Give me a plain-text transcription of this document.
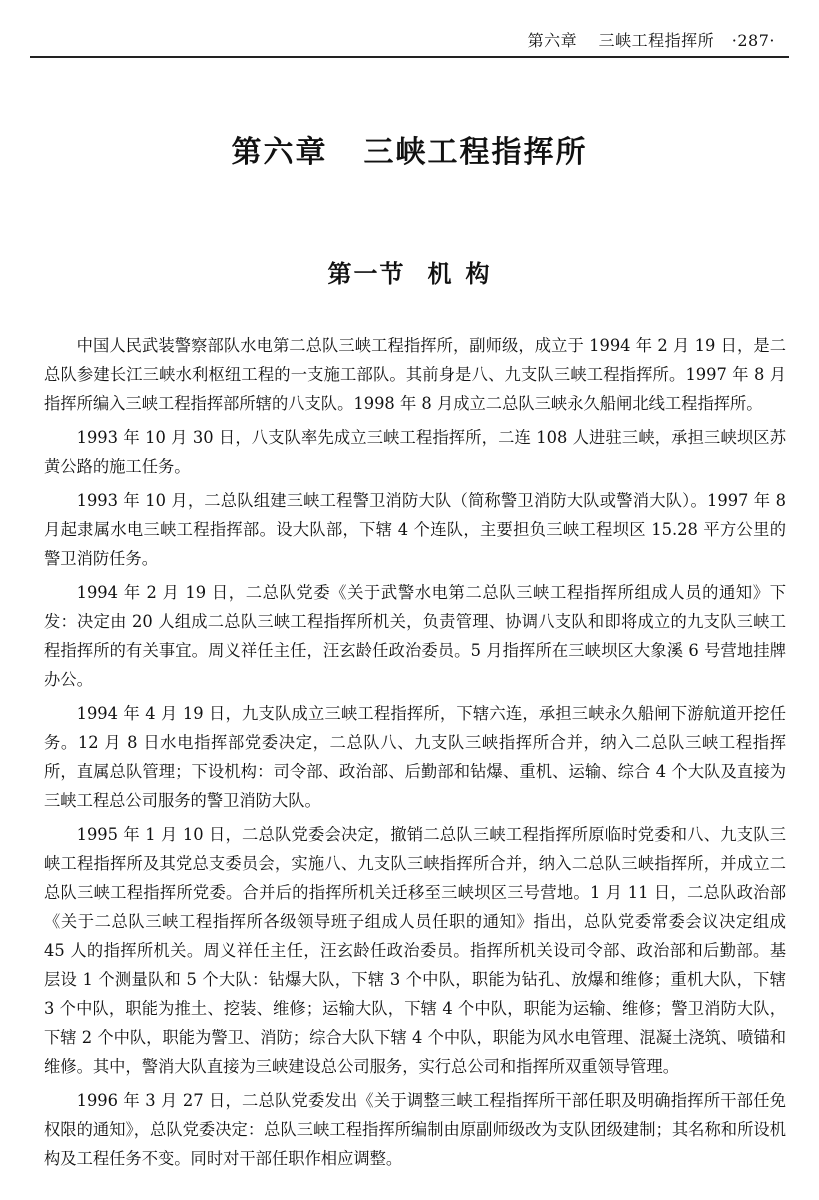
第六章 三峡工程指挥所 ·287·
第六章 三峡工程指挥所
第一节 机 构

中国人民武装警察部队水电第二总队三峡工程指挥所，副师级，成立于 1994 年 2 月 19 日，是二总队参建长江三峡水利枢纽工程的一支施工部队。其前身是八、九支队三峡工程指挥所。1997 年 8 月指挥所编入三峡工程指挥部所辖的八支队。1998 年 8 月成立二总队三峡永久船闸北线工程指挥所。

1993 年 10 月 30 日，八支队率先成立三峡工程指挥所，二连 108 人进驻三峡，承担三峡坝区苏黄公路的施工任务。

1993 年 10 月，二总队组建三峡工程警卫消防大队（简称警卫消防大队或警消大队）。1997 年 8 月起隶属水电三峡工程指挥部。设大队部，下辖 4 个连队，主要担负三峡工程坝区 15.28 平方公里的警卫消防任务。

1994 年 2 月 19 日，二总队党委《关于武警水电第二总队三峡工程指挥所组成人员的通知》下发：决定由 20 人组成二总队三峡工程指挥所机关，负责管理、协调八支队和即将成立的九支队三峡工程指挥所的有关事宜。周义祥任主任，汪玄龄任政治委员。5 月指挥所在三峡坝区大象溪 6 号营地挂牌办公。

1994 年 4 月 19 日，九支队成立三峡工程指挥所，下辖六连，承担三峡永久船闸下游航道开挖任务。12 月 8 日水电指挥部党委决定，二总队八、九支队三峡指挥所合并，纳入二总队三峡工程指挥所，直属总队管理；下设机构：司令部、政治部、后勤部和钻爆、重机、运输、综合 4 个大队及直接为三峡工程总公司服务的警卫消防大队。

1995 年 1 月 10 日，二总队党委会决定，撤销二总队三峡工程指挥所原临时党委和八、九支队三峡工程指挥所及其党总支委员会，实施八、九支队三峡指挥所合并，纳入二总队三峡指挥所，并成立二总队三峡工程指挥所党委。合并后的指挥所机关迁移至三峡坝区三号营地。1 月 11 日，二总队政治部《关于二总队三峡工程指挥所各级领导班子组成人员任职的通知》指出，总队党委常委会议决定组成 45 人的指挥所机关。周义祥任主任，汪玄龄任政治委员。指挥所机关设司令部、政治部和后勤部。基层设 1 个测量队和 5 个大队：钻爆大队，下辖 3 个中队，职能为钻孔、放爆和维修；重机大队，下辖 3 个中队，职能为推土、挖装、维修；运输大队，下辖 4 个中队，职能为运输、维修；警卫消防大队，下辖 2 个中队，职能为警卫、消防；综合大队下辖 4 个中队，职能为风水电管理、混凝土浇筑、喷锚和维修。其中，警消大队直接为三峡建设总公司服务，实行总公司和指挥所双重领导管理。

1996 年 3 月 27 日，二总队党委发出《关于调整三峡工程指挥所干部任职及明确指挥所干部任免权限的通知》，总队党委决定：总队三峡工程指挥所编制由原副师级改为支队团级建制；其名称和所设机构及工程任务不变。同时对干部任职作相应调整。
